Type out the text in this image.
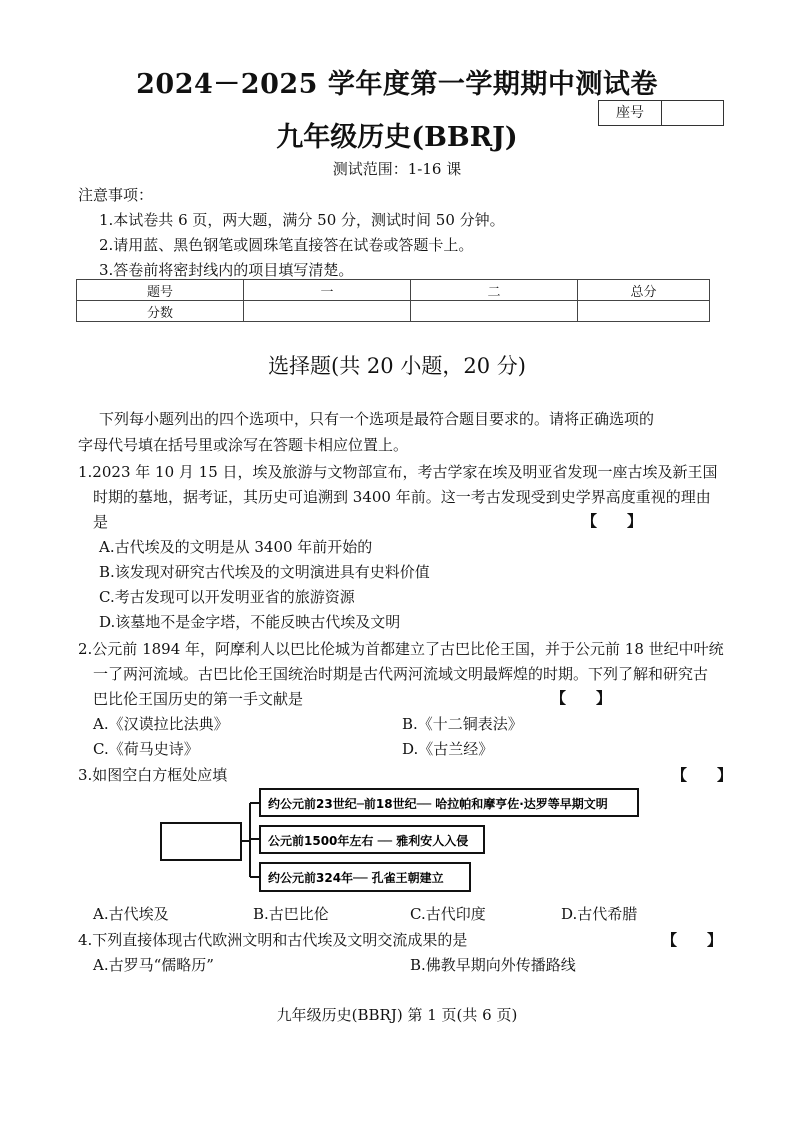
2024－2025 学年度第一学期期中测试卷
九年级历史(BBRJ)
测试范围：1-16 课
座号
注意事项：
1.本试卷共 6 页，两大题，满分 50 分，测试时间 50 分钟。
2.请用蓝、黑色钢笔或圆珠笔直接答在试卷或答题卡上。
3.答卷前将密封线内的项目填写清楚。
题号	一	二	总分
分数			
选择题(共 20 小题，20 分)
下列每小题列出的四个选项中，只有一个选项是最符合题目要求的。请将正确选项的
字母代号填在括号里或涂写在答题卡相应位置上。
1.2023 年 10 月 15 日，埃及旅游与文物部宣布，考古学家在埃及明亚省发现一座古埃及新王国
时期的墓地，据考证，其历史可追溯到 3400 年前。这一考古发现受到史学界高度重视的理由
是	【　　】
A.古代埃及的文明是从 3400 年前开始的
B.该发现对研究古代埃及的文明演进具有史料价值
C.考古发现可以开发明亚省的旅游资源
D.该墓地不是金字塔，不能反映古代埃及文明
2.公元前 1894 年，阿摩利人以巴比伦城为首都建立了古巴比伦王国，并于公元前 18 世纪中叶统
一了两河流域。古巴比伦王国统治时期是古代两河流域文明最辉煌的时期。下列了解和研究古
巴比伦王国历史的第一手文献是	【　　】
A.《汉谟拉比法典》	B.《十二铜表法》
C.《荷马史诗》	D.《古兰经》
3.如图空白方框处应填	【　　】
约公元前23世纪─前18世纪── 哈拉帕和摩亨佐·达罗等早期文明
公元前1500年左右 ── 雅利安人入侵
约公元前324年── 孔雀王朝建立
A.古代埃及	B.古巴比伦	C.古代印度	D.古代希腊
4.下列直接体现古代欧洲文明和古代埃及文明交流成果的是	【　　】
A.古罗马“儒略历”	B.佛教早期向外传播路线
九年级历史(BBRJ) 第 1 页(共 6 页)
